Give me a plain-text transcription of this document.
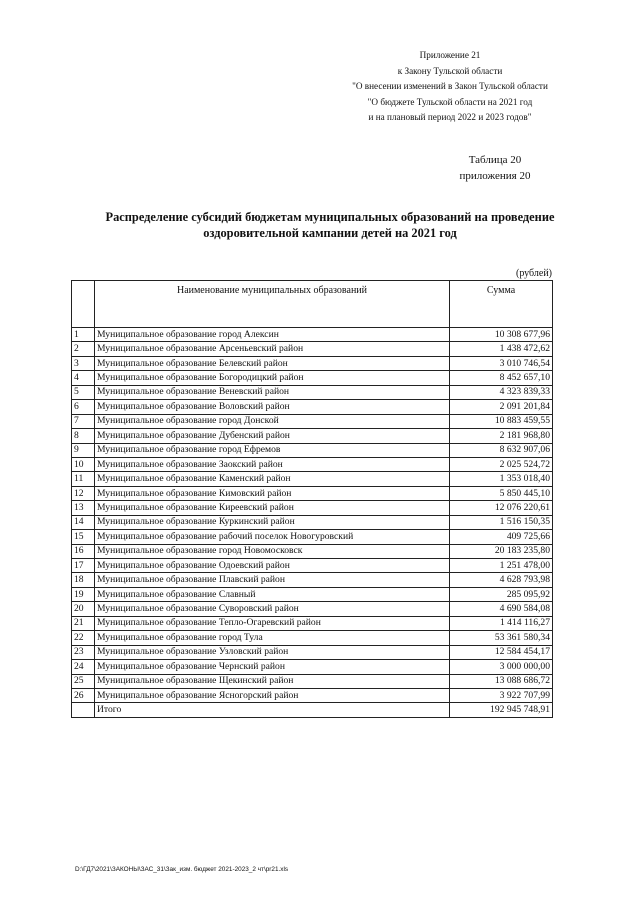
Приложение 21
к Закону Тульской области
"О внесении изменений в Закон Тульской области
"О бюджете Тульской области на 2021 год
и на плановый период 2022 и 2023 годов"
Таблица 20
приложения 20
Распределение субсидий бюджетам муниципальных образований на проведение
оздоровительной кампании детей на 2021 год
(рублей)
	Наименование муниципальных образований	Сумма
1	Муниципальное образование город Алексин	10 308 677,96
2	Муниципальное образование Арсеньевский район	1 438 472,62
3	Муниципальное образование Белевский район	3 010 746,54
4	Муниципальное образование Богородицкий район	8 452 657,10
5	Муниципальное образование Веневский район	4 323 839,33
6	Муниципальное образование Воловский район	2 091 201,84
7	Муниципальное образование город Донской	10 883 459,55
8	Муниципальное образование Дубенский район	2 181 968,80
9	Муниципальное образование город Ефремов	8 632 907,06
10	Муниципальное образование Заокский район	2 025 524,72
11	Муниципальное образование Каменский район	1 353 018,40
12	Муниципальное образование Кимовский район	5 850 445,10
13	Муниципальное образование Киреевский район	12 076 220,61
14	Муниципальное образование Куркинский район	1 516 150,35
15	Муниципальное образование рабочий поселок Новогуровский	409 725,66
16	Муниципальное образование город Новомосковск	20 183 235,80
17	Муниципальное образование Одоевский район	1 251 478,00
18	Муниципальное образование Плавский район	4 628 793,98
19	Муниципальное образование Славный	285 095,92
20	Муниципальное образование Суворовский район	4 690 584,08
21	Муниципальное образование Тепло-Огаревский район	1 414 116,27
22	Муниципальное образование город Тула	53 361 580,34
23	Муниципальное образование Узловский район	12 584 454,17
24	Муниципальное образование Чернский район	3 000 000,00
25	Муниципальное образование Щекинский район	13 088 686,72
26	Муниципальное образование Ясногорский район	3 922 707,99
	Итого	192 945 748,91
D:\ГД7\2021\ЗАКОНЫ\ЗАС_31\Зак_изм. бюджет 2021-2023_2 чт\pr21.xls
